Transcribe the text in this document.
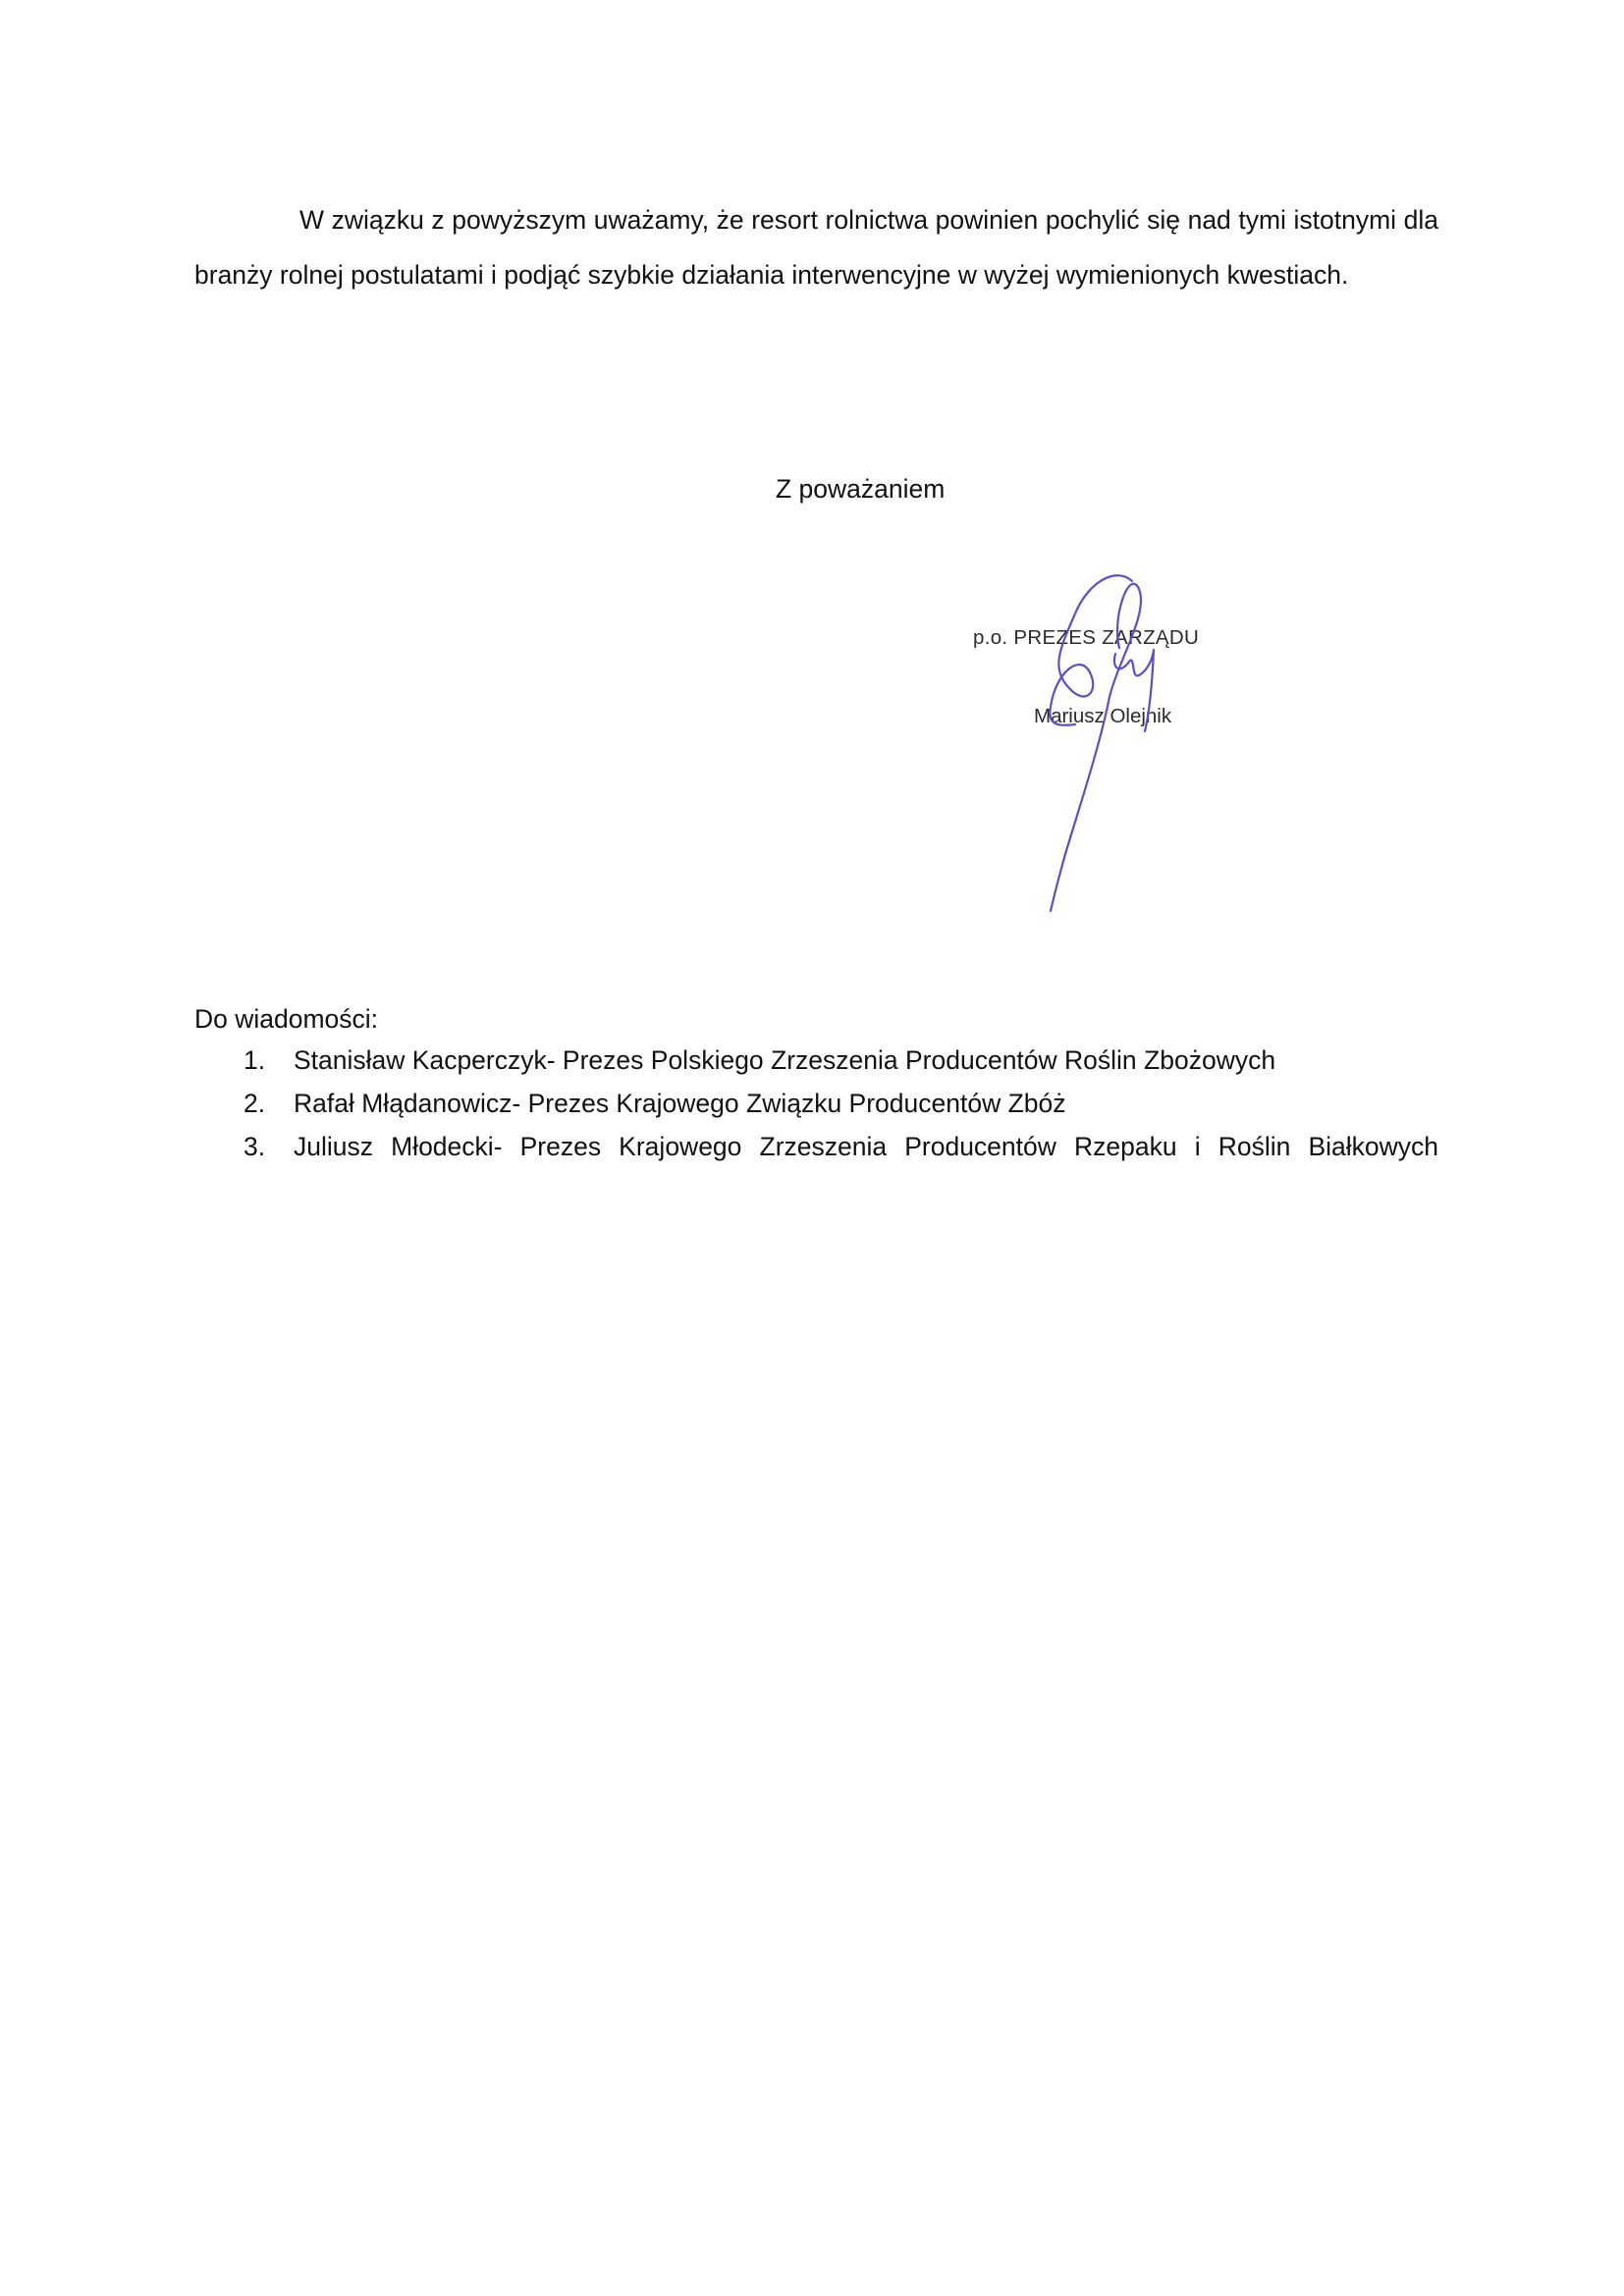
W związku z powyższym uważamy, że resort rolnictwa powinien pochylić się nad tymi istotnymi dla branży rolnej postulatami i podjąć szybkie działania interwencyjne w wyżej wymienionych kwestiach.

Z poważaniem

p.o. PREZES ZARZĄDU

Mariusz Olejnik

Do wiadomości:

1. Stanisław Kacperczyk- Prezes Polskiego Zrzeszenia Producentów Roślin Zbożowych
2. Rafał Młądanowicz- Prezes Krajowego Związku Producentów Zbóż
3. Juliusz Młodecki- Prezes Krajowego Zrzeszenia Producentów Rzepaku i Roślin Białkowych
